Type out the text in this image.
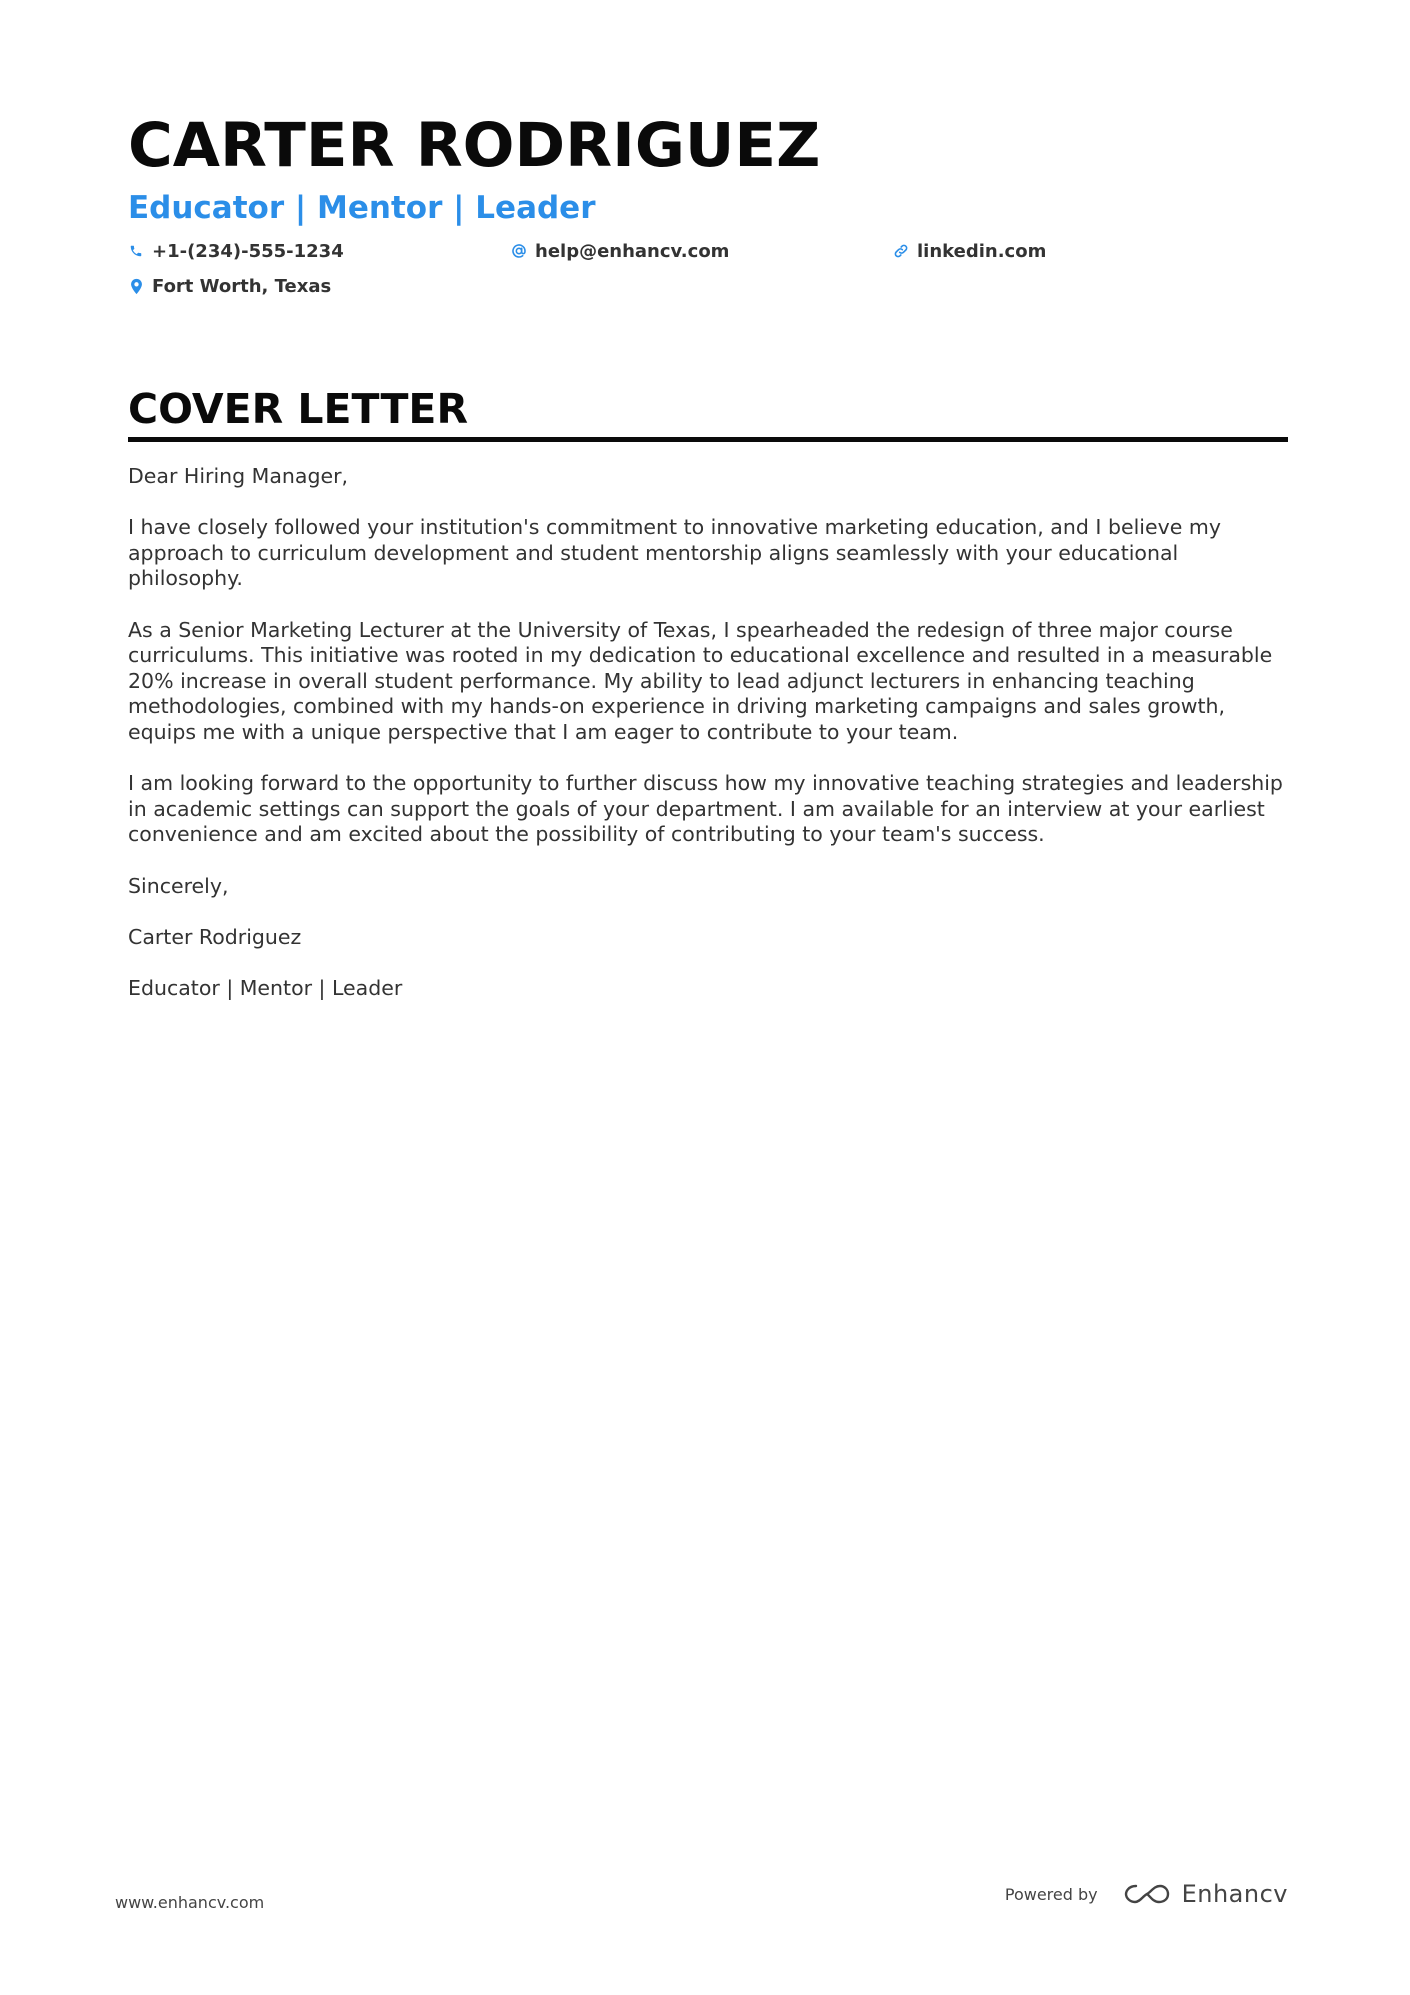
CARTER RODRIGUEZ
Educator | Mentor | Leader
+1-(234)-555-1234	help@enhancv.com	linkedin.com
Fort Worth, Texas
COVER LETTER

Dear Hiring Manager,

I have closely followed your institution's commitment to innovative marketing education, and I believe my approach to curriculum development and student mentorship aligns seamlessly with your educational philosophy.

As a Senior Marketing Lecturer at the University of Texas, I spearheaded the redesign of three major course curriculums. This initiative was rooted in my dedication to educational excellence and resulted in a measurable 20% increase in overall student performance. My ability to lead adjunct lecturers in enhancing teaching methodologies, combined with my hands-on experience in driving marketing campaigns and sales growth, equips me with a unique perspective that I am eager to contribute to your team.

I am looking forward to the opportunity to further discuss how my innovative teaching strategies and leadership in academic settings can support the goals of your department. I am available for an interview at your earliest convenience and am excited about the possibility of contributing to your team's success.

Sincerely,

Carter Rodriguez

Educator | Mentor | Leader

www.enhancv.com	Powered by	Enhancv
